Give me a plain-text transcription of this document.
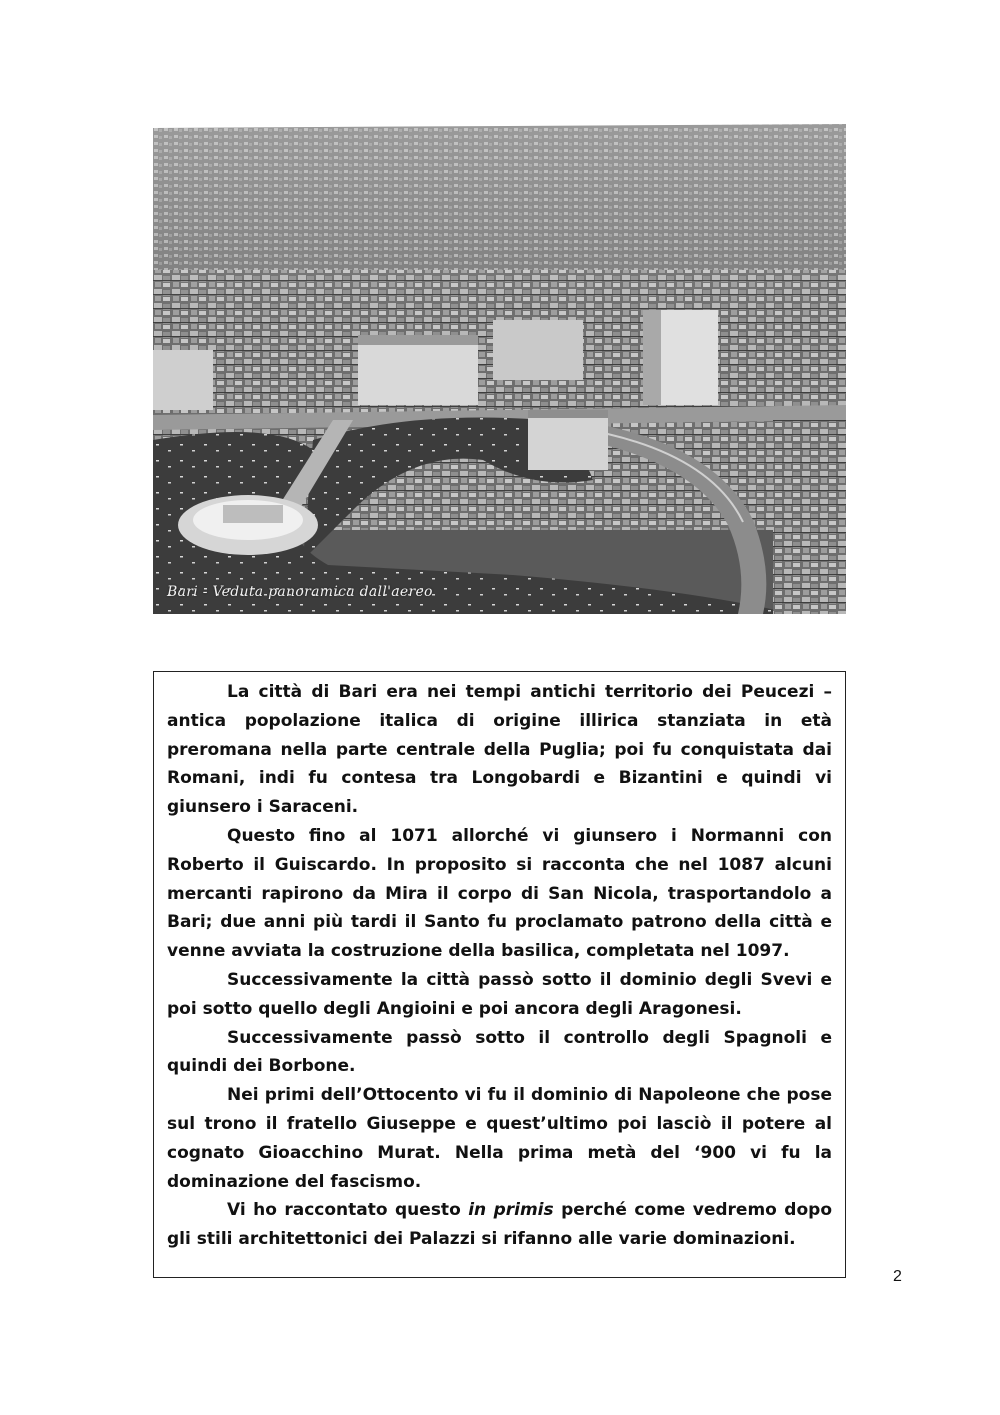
Bari - Veduta panoramica dall'aereo

La città di Bari era nei tempi antichi territorio dei Peucezi – antica popolazione italica di origine illirica stanziata in età preromana nella parte centrale della Puglia; poi fu conquistata dai Romani, indi fu contesa tra Longobardi e Bizantini e quindi vi giunsero i Saraceni.

Questo fino al 1071 allorché vi giunsero i Normanni con Roberto il Guiscardo. In proposito si racconta che nel 1087 alcuni mercanti rapirono da Mira il corpo di San Nicola, trasportandolo a Bari; due anni più tardi il Santo fu proclamato patrono della città e venne avviata la costruzione della basilica, completata nel 1097.

Successivamente la città passò sotto il dominio degli Svevi e poi sotto quello degli Angioini e poi ancora degli Aragonesi.

Successivamente passò sotto il controllo degli Spagnoli e quindi dei Borbone.

Nei primi dell’Ottocento vi fu il dominio di Napoleone che pose sul trono il fratello Giuseppe e quest’ultimo poi lasciò il potere al cognato Gioacchino Murat. Nella prima metà del ‘900 vi fu la dominazione del fascismo.

Vi ho raccontato questo in primis perché come vedremo dopo gli stili architettonici dei Palazzi si rifanno alle varie dominazioni.

2
